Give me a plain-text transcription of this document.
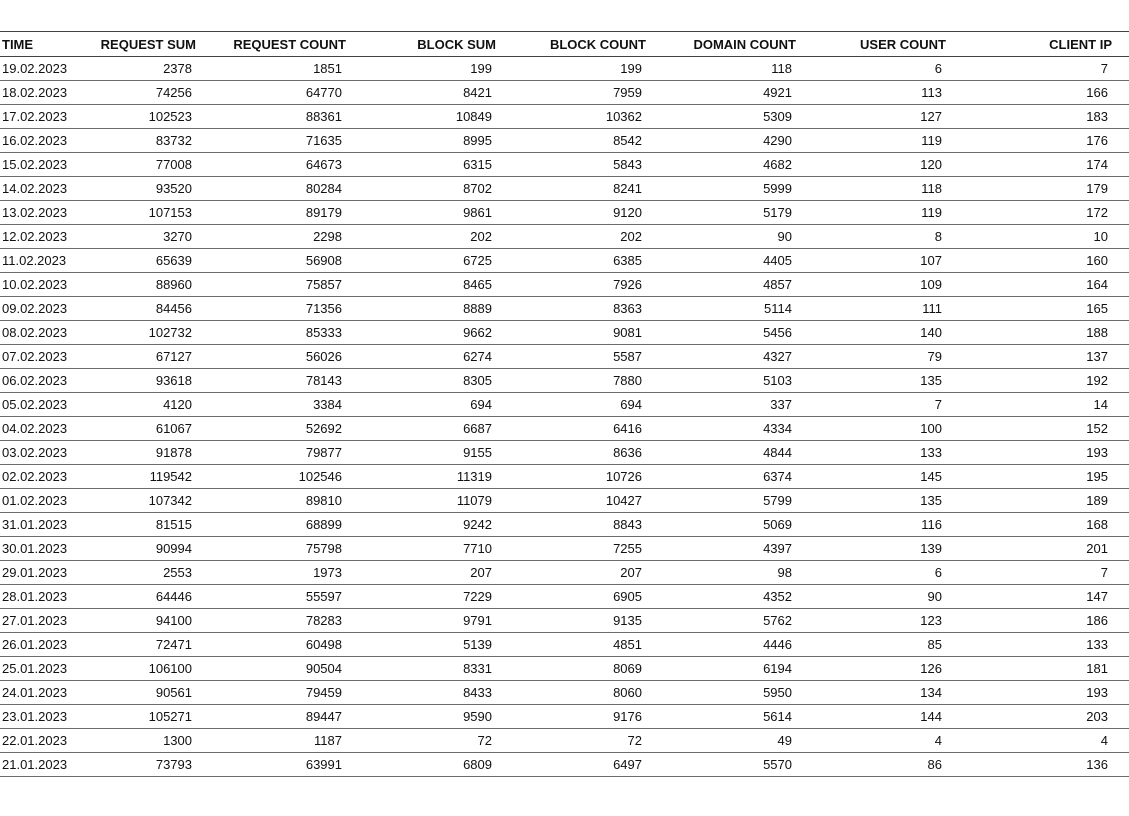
TIME	REQUEST SUM	REQUEST COUNT	BLOCK SUM	BLOCK COUNT	DOMAIN COUNT	USER COUNT	CLIENT IP
19.02.2023	2378	1851	199	199	118	6	7
18.02.2023	74256	64770	8421	7959	4921	113	166
17.02.2023	102523	88361	10849	10362	5309	127	183
16.02.2023	83732	71635	8995	8542	4290	119	176
15.02.2023	77008	64673	6315	5843	4682	120	174
14.02.2023	93520	80284	8702	8241	5999	118	179
13.02.2023	107153	89179	9861	9120	5179	119	172
12.02.2023	3270	2298	202	202	90	8	10
11.02.2023	65639	56908	6725	6385	4405	107	160
10.02.2023	88960	75857	8465	7926	4857	109	164
09.02.2023	84456	71356	8889	8363	5114	111	165
08.02.2023	102732	85333	9662	9081	5456	140	188
07.02.2023	67127	56026	6274	5587	4327	79	137
06.02.2023	93618	78143	8305	7880	5103	135	192
05.02.2023	4120	3384	694	694	337	7	14
04.02.2023	61067	52692	6687	6416	4334	100	152
03.02.2023	91878	79877	9155	8636	4844	133	193
02.02.2023	119542	102546	11319	10726	6374	145	195
01.02.2023	107342	89810	11079	10427	5799	135	189
31.01.2023	81515	68899	9242	8843	5069	116	168
30.01.2023	90994	75798	7710	7255	4397	139	201
29.01.2023	2553	1973	207	207	98	6	7
28.01.2023	64446	55597	7229	6905	4352	90	147
27.01.2023	94100	78283	9791	9135	5762	123	186
26.01.2023	72471	60498	5139	4851	4446	85	133
25.01.2023	106100	90504	8331	8069	6194	126	181
24.01.2023	90561	79459	8433	8060	5950	134	193
23.01.2023	105271	89447	9590	9176	5614	144	203
22.01.2023	1300	1187	72	72	49	4	4
21.01.2023	73793	63991	6809	6497	5570	86	136
